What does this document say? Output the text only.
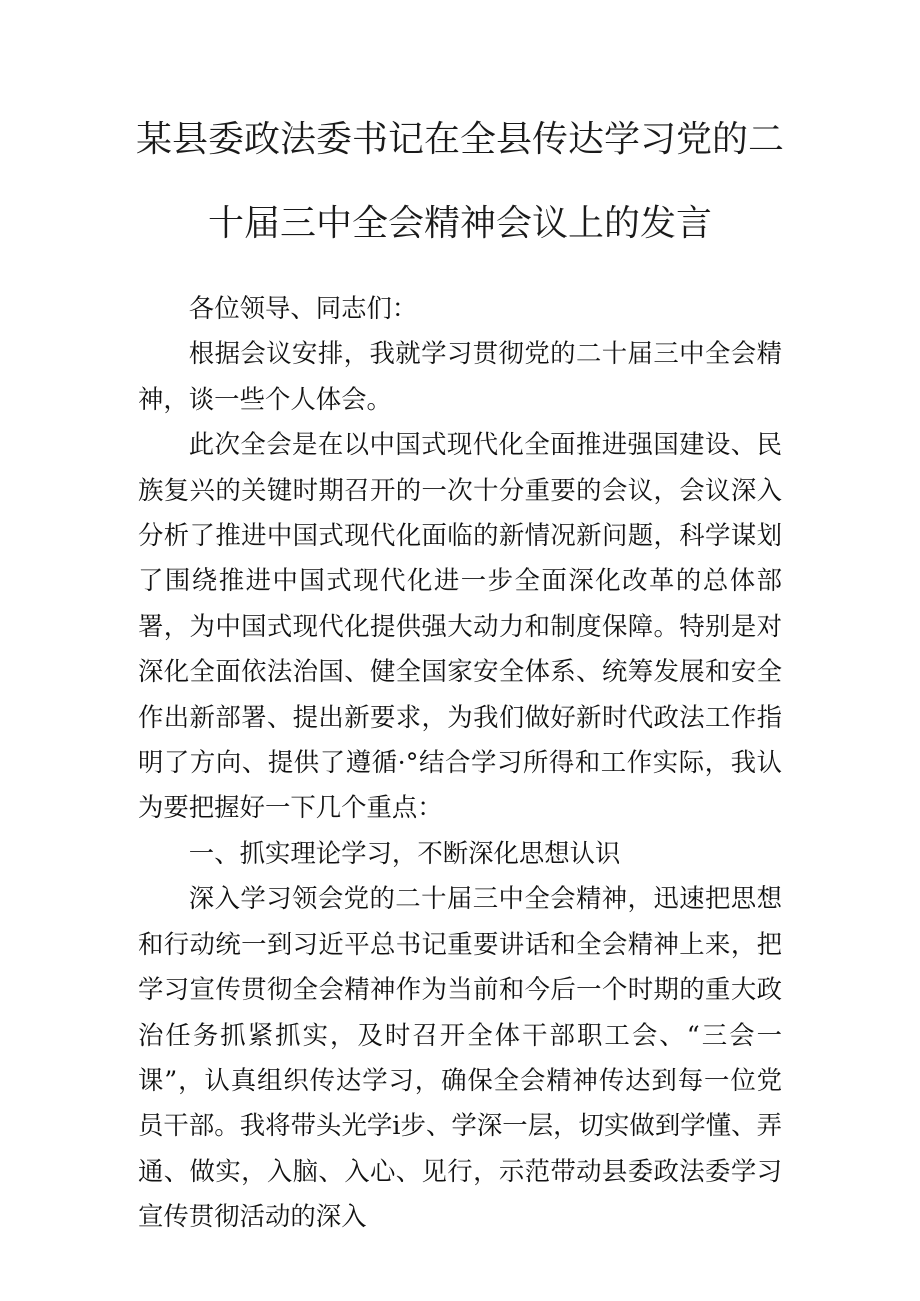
某县委政法委书记在全县传达学习党的二
十届三中全会精神会议上的发言

各位领导、同志们：

根据会议安排，我就学习贯彻党的二十届三中全会精神，谈一些个人体会。

此次全会是在以中国式现代化全面推进强国建设、民族复兴的关键时期召开的一次十分重要的会议，会议深入分析了推进中国式现代化面临的新情况新问题，科学谋划了围绕推进中国式现代化进一步全面深化改革的总体部署，为中国式现代化提供强大动力和制度保障。特别是对深化全面依法治国、健全国家安全体系、统筹发展和安全作出新部署、提出新要求，为我们做好新时代政法工作指明了方向、提供了遵循·°结合学习所得和工作实际，我认为要把握好一下几个重点：

一、抓实理论学习，不断深化思想认识

深入学习领会党的二十届三中全会精神，迅速把思想和行动统一到习近平总书记重要讲话和全会精神上来，把学习宣传贯彻全会精神作为当前和今后一个时期的重大政治任务抓紧抓实，及时召开全体干部职工会、“三会一课”，认真组织传达学习，确保全会精神传达到每一位党员干部。我将带头光学i步、学深一层，切实做到学懂、弄通、做实，入脑、入心、见行，示范带动县委政法委学习宣传贯彻活动的深入
